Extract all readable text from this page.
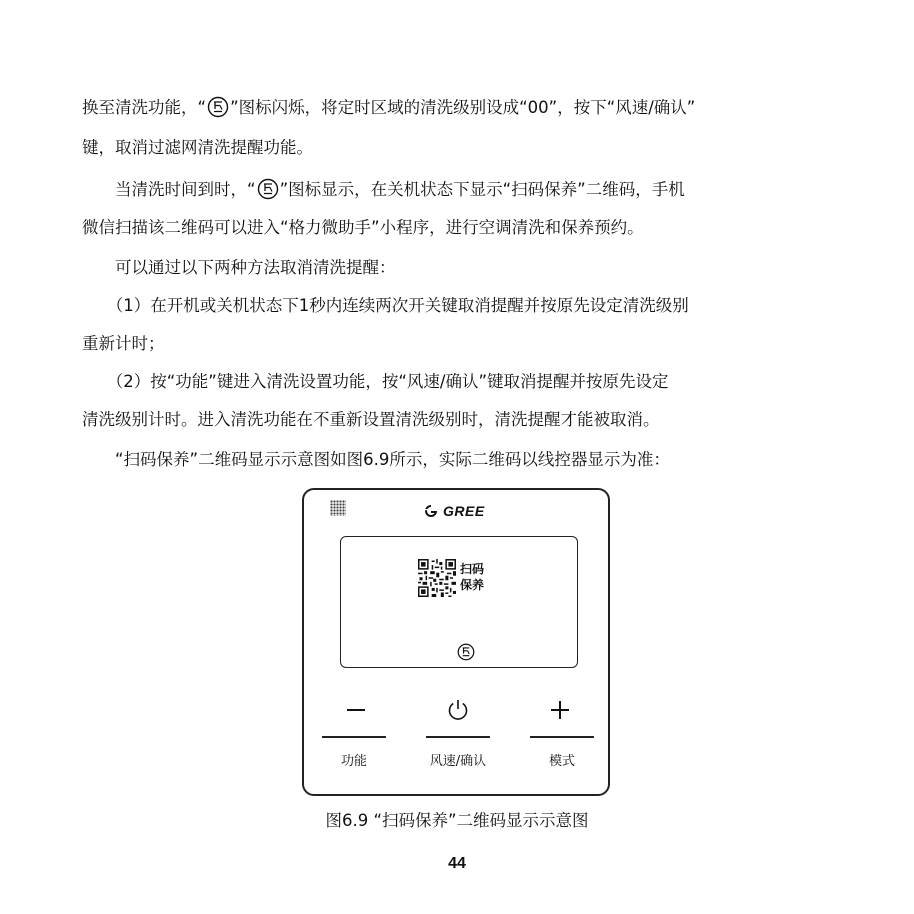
换至清洗功能，“ ”图标闪烁，将定时区域的清洗级别设成“00”，按下“风速/确认”
键，取消过滤网清洗提醒功能。
　　当清洗时间到时，“ ”图标显示，在关机状态下显示“扫码保养”二维码，手机
微信扫描该二维码可以进入“格力微助手”小程序，进行空调清洗和保养预约。
　　可以通过以下两种方法取消清洗提醒：
　　（1）在开机或关机状态下1秒内连续两次开关键取消提醒并按原先设定清洗级别
重新计时；
　　（2）按“功能”键进入清洗设置功能，按“风速/确认”键取消提醒并按原先设定
清洗级别计时。进入清洗功能在不重新设置清洗级别时，清洗提醒才能被取消。
　　“扫码保养”二维码显示示意图如图6.9所示，实际二维码以线控器显示为准：
GREE
扫码
保养
功能	风速/确认	模式
图6.9 “扫码保养”二维码显示示意图
44
